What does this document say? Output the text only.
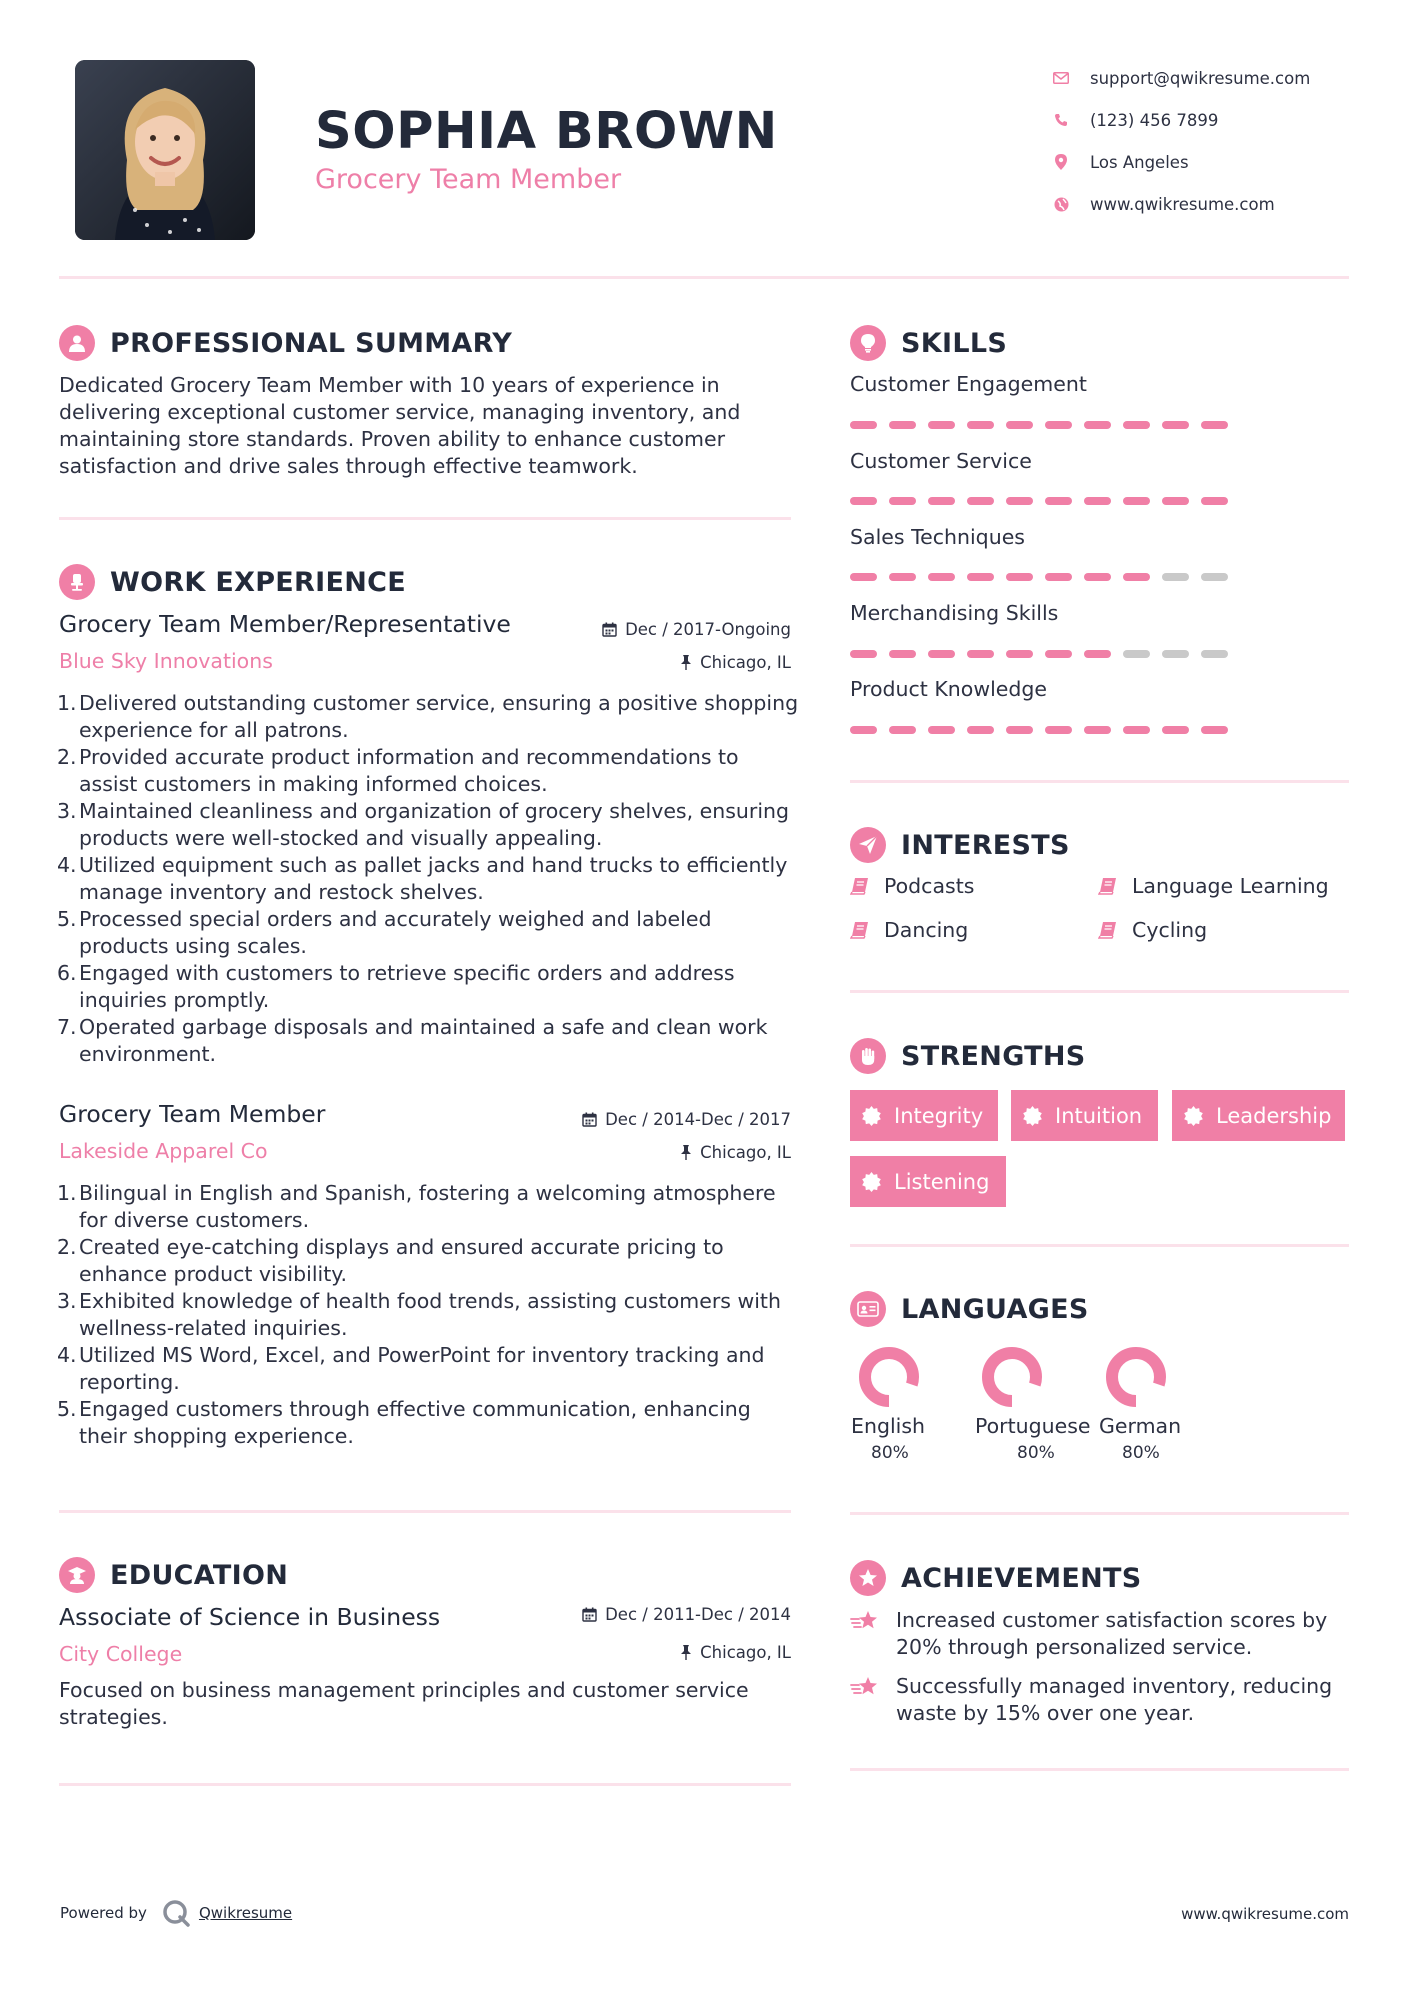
SOPHIA BROWN
Grocery Team Member
support@qwikresume.com
(123) 456 7899
Los Angeles
www.qwikresume.com
PROFESSIONAL SUMMARY
Dedicated Grocery Team Member with 10 years of experience in delivering exceptional customer service, managing inventory, and maintaining store standards. Proven ability to enhance customer satisfaction and drive sales through effective teamwork.
WORK EXPERIENCE
Grocery Team Member/Representative	Dec / 2017-Ongoing
Blue Sky Innovations	Chicago, IL
1. Delivered outstanding customer service, ensuring a positive shopping experience for all patrons.
2. Provided accurate product information and recommendations to assist customers in making informed choices.
3. Maintained cleanliness and organization of grocery shelves, ensuring products were well-stocked and visually appealing.
4. Utilized equipment such as pallet jacks and hand trucks to efficiently manage inventory and restock shelves.
5. Processed special orders and accurately weighed and labeled products using scales.
6. Engaged with customers to retrieve specific orders and address inquiries promptly.
7. Operated garbage disposals and maintained a safe and clean work environment.
Grocery Team Member	Dec / 2014-Dec / 2017
Lakeside Apparel Co	Chicago, IL
1. Bilingual in English and Spanish, fostering a welcoming atmosphere for diverse customers.
2. Created eye-catching displays and ensured accurate pricing to enhance product visibility.
3. Exhibited knowledge of health food trends, assisting customers with wellness-related inquiries.
4. Utilized MS Word, Excel, and PowerPoint for inventory tracking and reporting.
5. Engaged customers through effective communication, enhancing their shopping experience.
EDUCATION
Associate of Science in Business	Dec / 2011-Dec / 2014
City College	Chicago, IL
Focused on business management principles and customer service strategies.
SKILLS
Customer Engagement
Customer Service
Sales Techniques
Merchandising Skills
Product Knowledge
INTERESTS
Podcasts	Language Learning
Dancing	Cycling
STRENGTHS
Integrity	Intuition	Leadership
Listening
LANGUAGES
English
80%
Portuguese
80%
German
80%
ACHIEVEMENTS
Increased customer satisfaction scores by 20% through personalized service.
Successfully managed inventory, reducing waste by 15% over one year.
Powered by	Qwikresume	www.qwikresume.com
